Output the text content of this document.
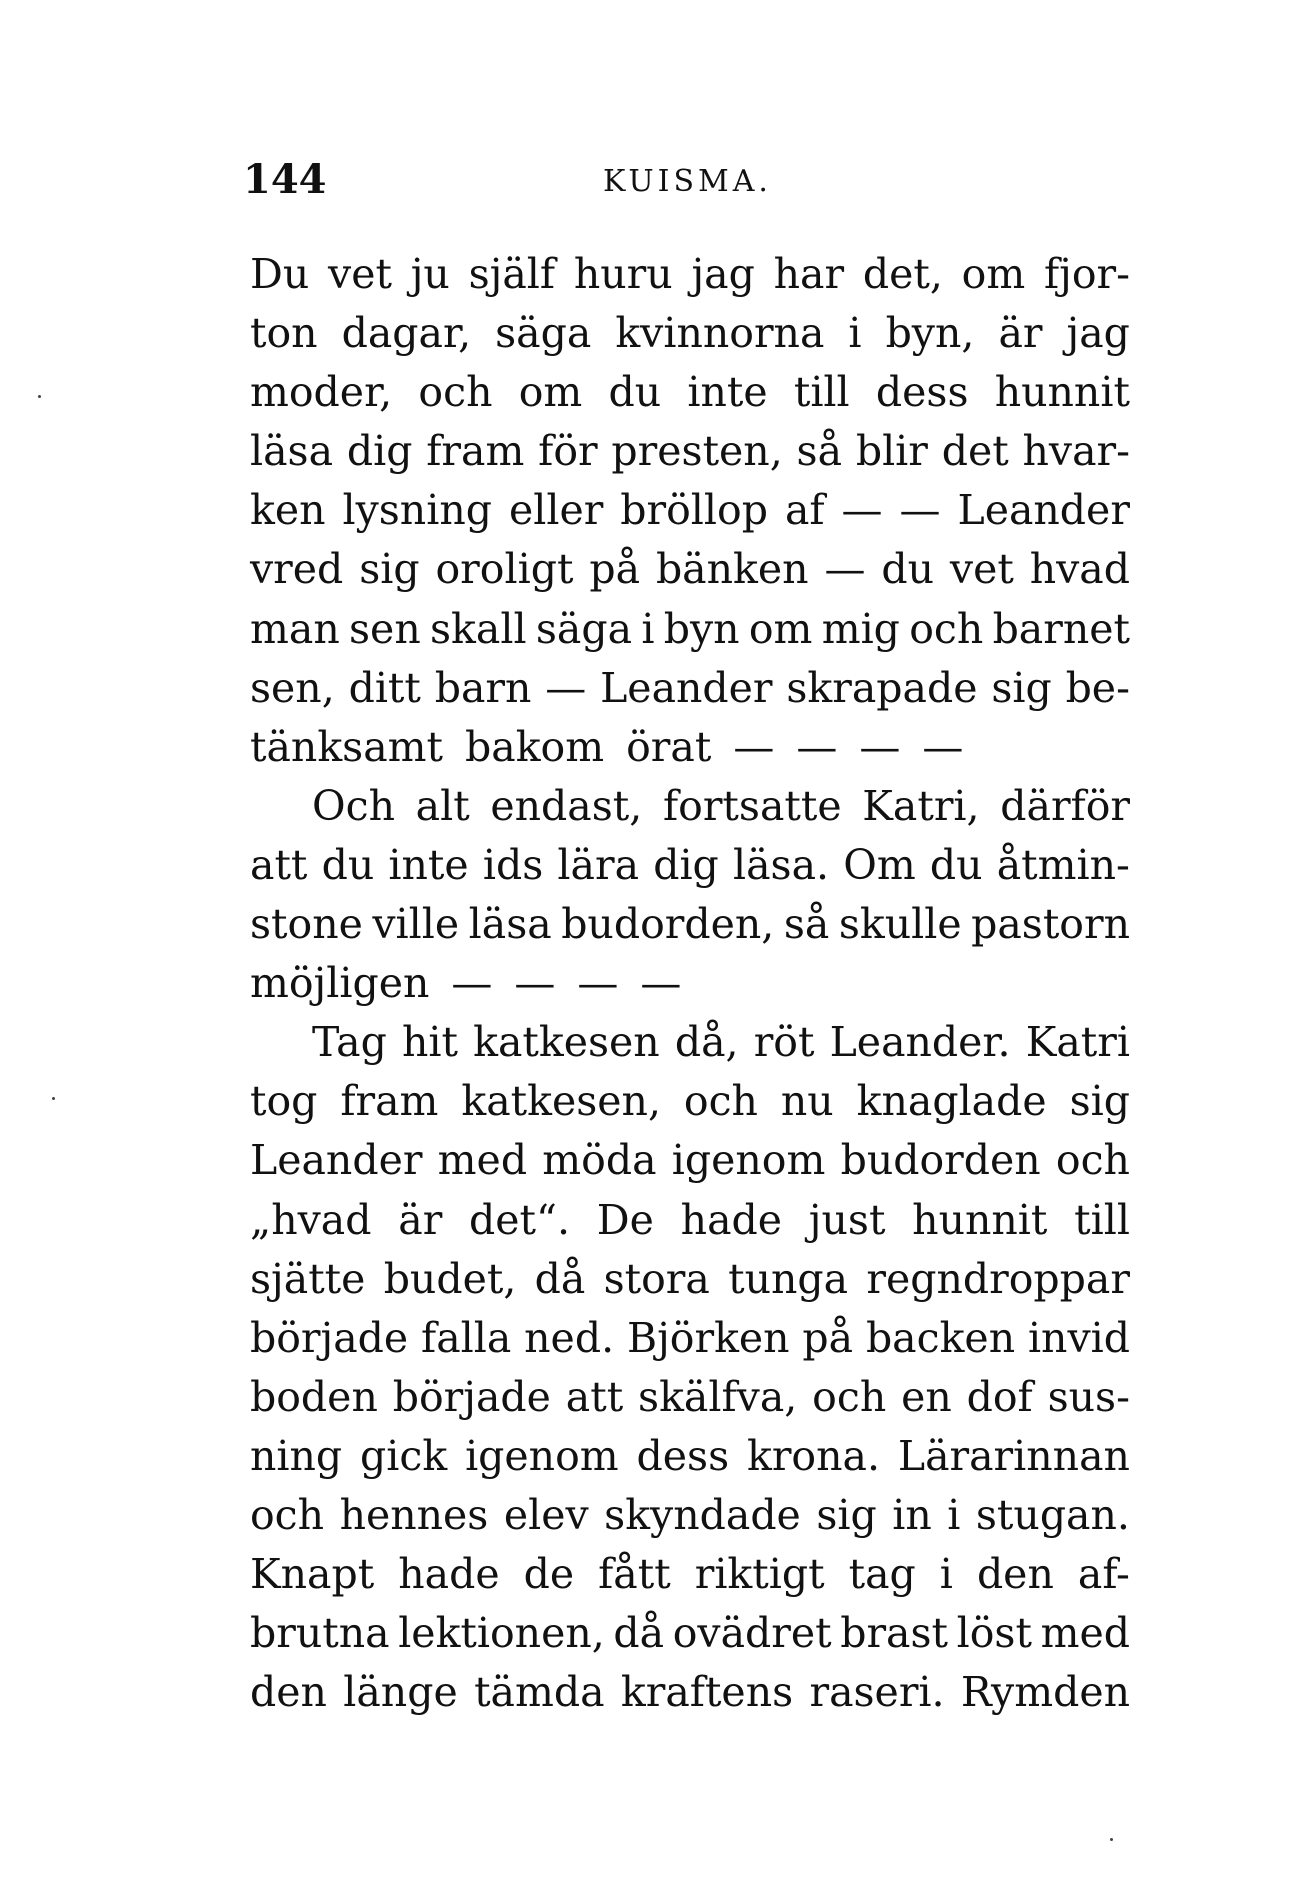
144	KUISMA.
Du vet ju själf huru jag har det, om fjor-
ton dagar, säga kvinnorna i byn, är jag
moder, och om du inte till dess hunnit
läsa dig fram för presten, så blir det hvar-
ken lysning eller bröllop af — — Leander
vred sig oroligt på bänken — du vet hvad
man sen skall säga i byn om mig och barnet
sen, ditt barn — Leander skrapade sig be-
tänksamt bakom örat — — — —
Och alt endast, fortsatte Katri, därför
att du inte ids lära dig läsa. Om du åtmin-
stone ville läsa budorden, så skulle pastorn
möjligen — — — —
Tag hit katkesen då, röt Leander. Katri
tog fram katkesen, och nu knaglade sig
Leander med möda igenom budorden och
„hvad är det“. De hade just hunnit till
sjätte budet, då stora tunga regndroppar
började falla ned. Björken på backen invid
boden började att skälfva, och en dof sus-
ning gick igenom dess krona. Lärarinnan
och hennes elev skyndade sig in i stugan.
Knapt hade de fått riktigt tag i den af-
brutna lektionen, då ovädret brast löst med
den länge tämda kraftens raseri. Rymden
